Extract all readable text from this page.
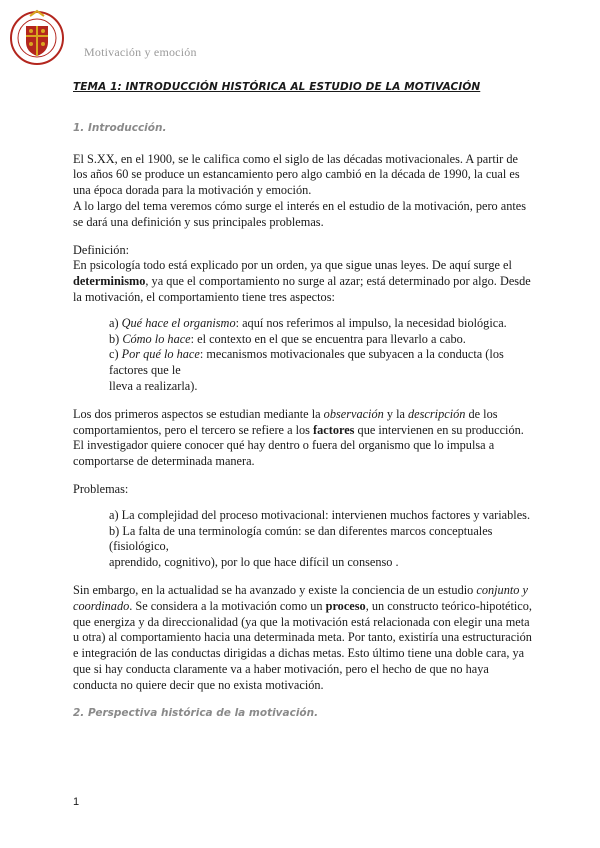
Motivación y emoción

TEMA 1: INTRODUCCIÓN HISTÓRICA AL ESTUDIO DE LA MOTIVACIÓN

1. Introducción.

El S.XX, en el 1900, se le califica como el siglo de las décadas motivacionales. A partir de los años 60 se produce un estancamiento pero algo cambió en la década de 1990, la cual es una época dorada para la motivación y emoción.

A lo largo del tema veremos cómo surge el interés en el estudio de la motivación, pero antes se dará una definición y sus principales problemas.

Definición:

En psicología todo está explicado por un orden, ya que sigue unas leyes. De aquí surge el determinismo, ya que el comportamiento no surge al azar; está determinado por algo. Desde la motivación, el comportamiento tiene tres aspectos:

a) Qué hace el organismo: aquí nos referimos al impulso, la necesidad biológica.

b) Cómo lo hace: el contexto en el que se encuentra para llevarlo a cabo.

c) Por qué lo hace: mecanismos motivacionales que subyacen a la conducta (los factores que le

lleva a realizarla).

Los dos primeros aspectos se estudian mediante la observación y la descripción de los comportamientos, pero el tercero se refiere a los factores que intervienen en su producción. El investigador quiere conocer qué hay dentro o fuera del organismo que lo impulsa a comportarse de determinada manera.

Problemas:

a) La complejidad del proceso motivacional: intervienen muchos factores y variables.

b) La falta de una terminología común: se dan diferentes marcos conceptuales (fisiológico,

aprendido, cognitivo), por lo que hace difícil un consenso .

Sin embargo, en la actualidad se ha avanzado y existe la conciencia de un estudio conjunto y coordinado. Se considera a la motivación como un proceso, un constructo teórico-hipotético, que energiza y da direccionalidad (ya que la motivación está relacionada con elegir una meta u otra) al comportamiento hacia una determinada meta. Por tanto, existiría una estructuración e integración de las conductas dirigidas a dichas metas. Esto último tiene una doble cara, ya que si hay conducta claramente va a haber motivación, pero el hecho de que no haya conducta no quiere decir que no exista motivación.

2. Perspectiva histórica de la motivación.

1
